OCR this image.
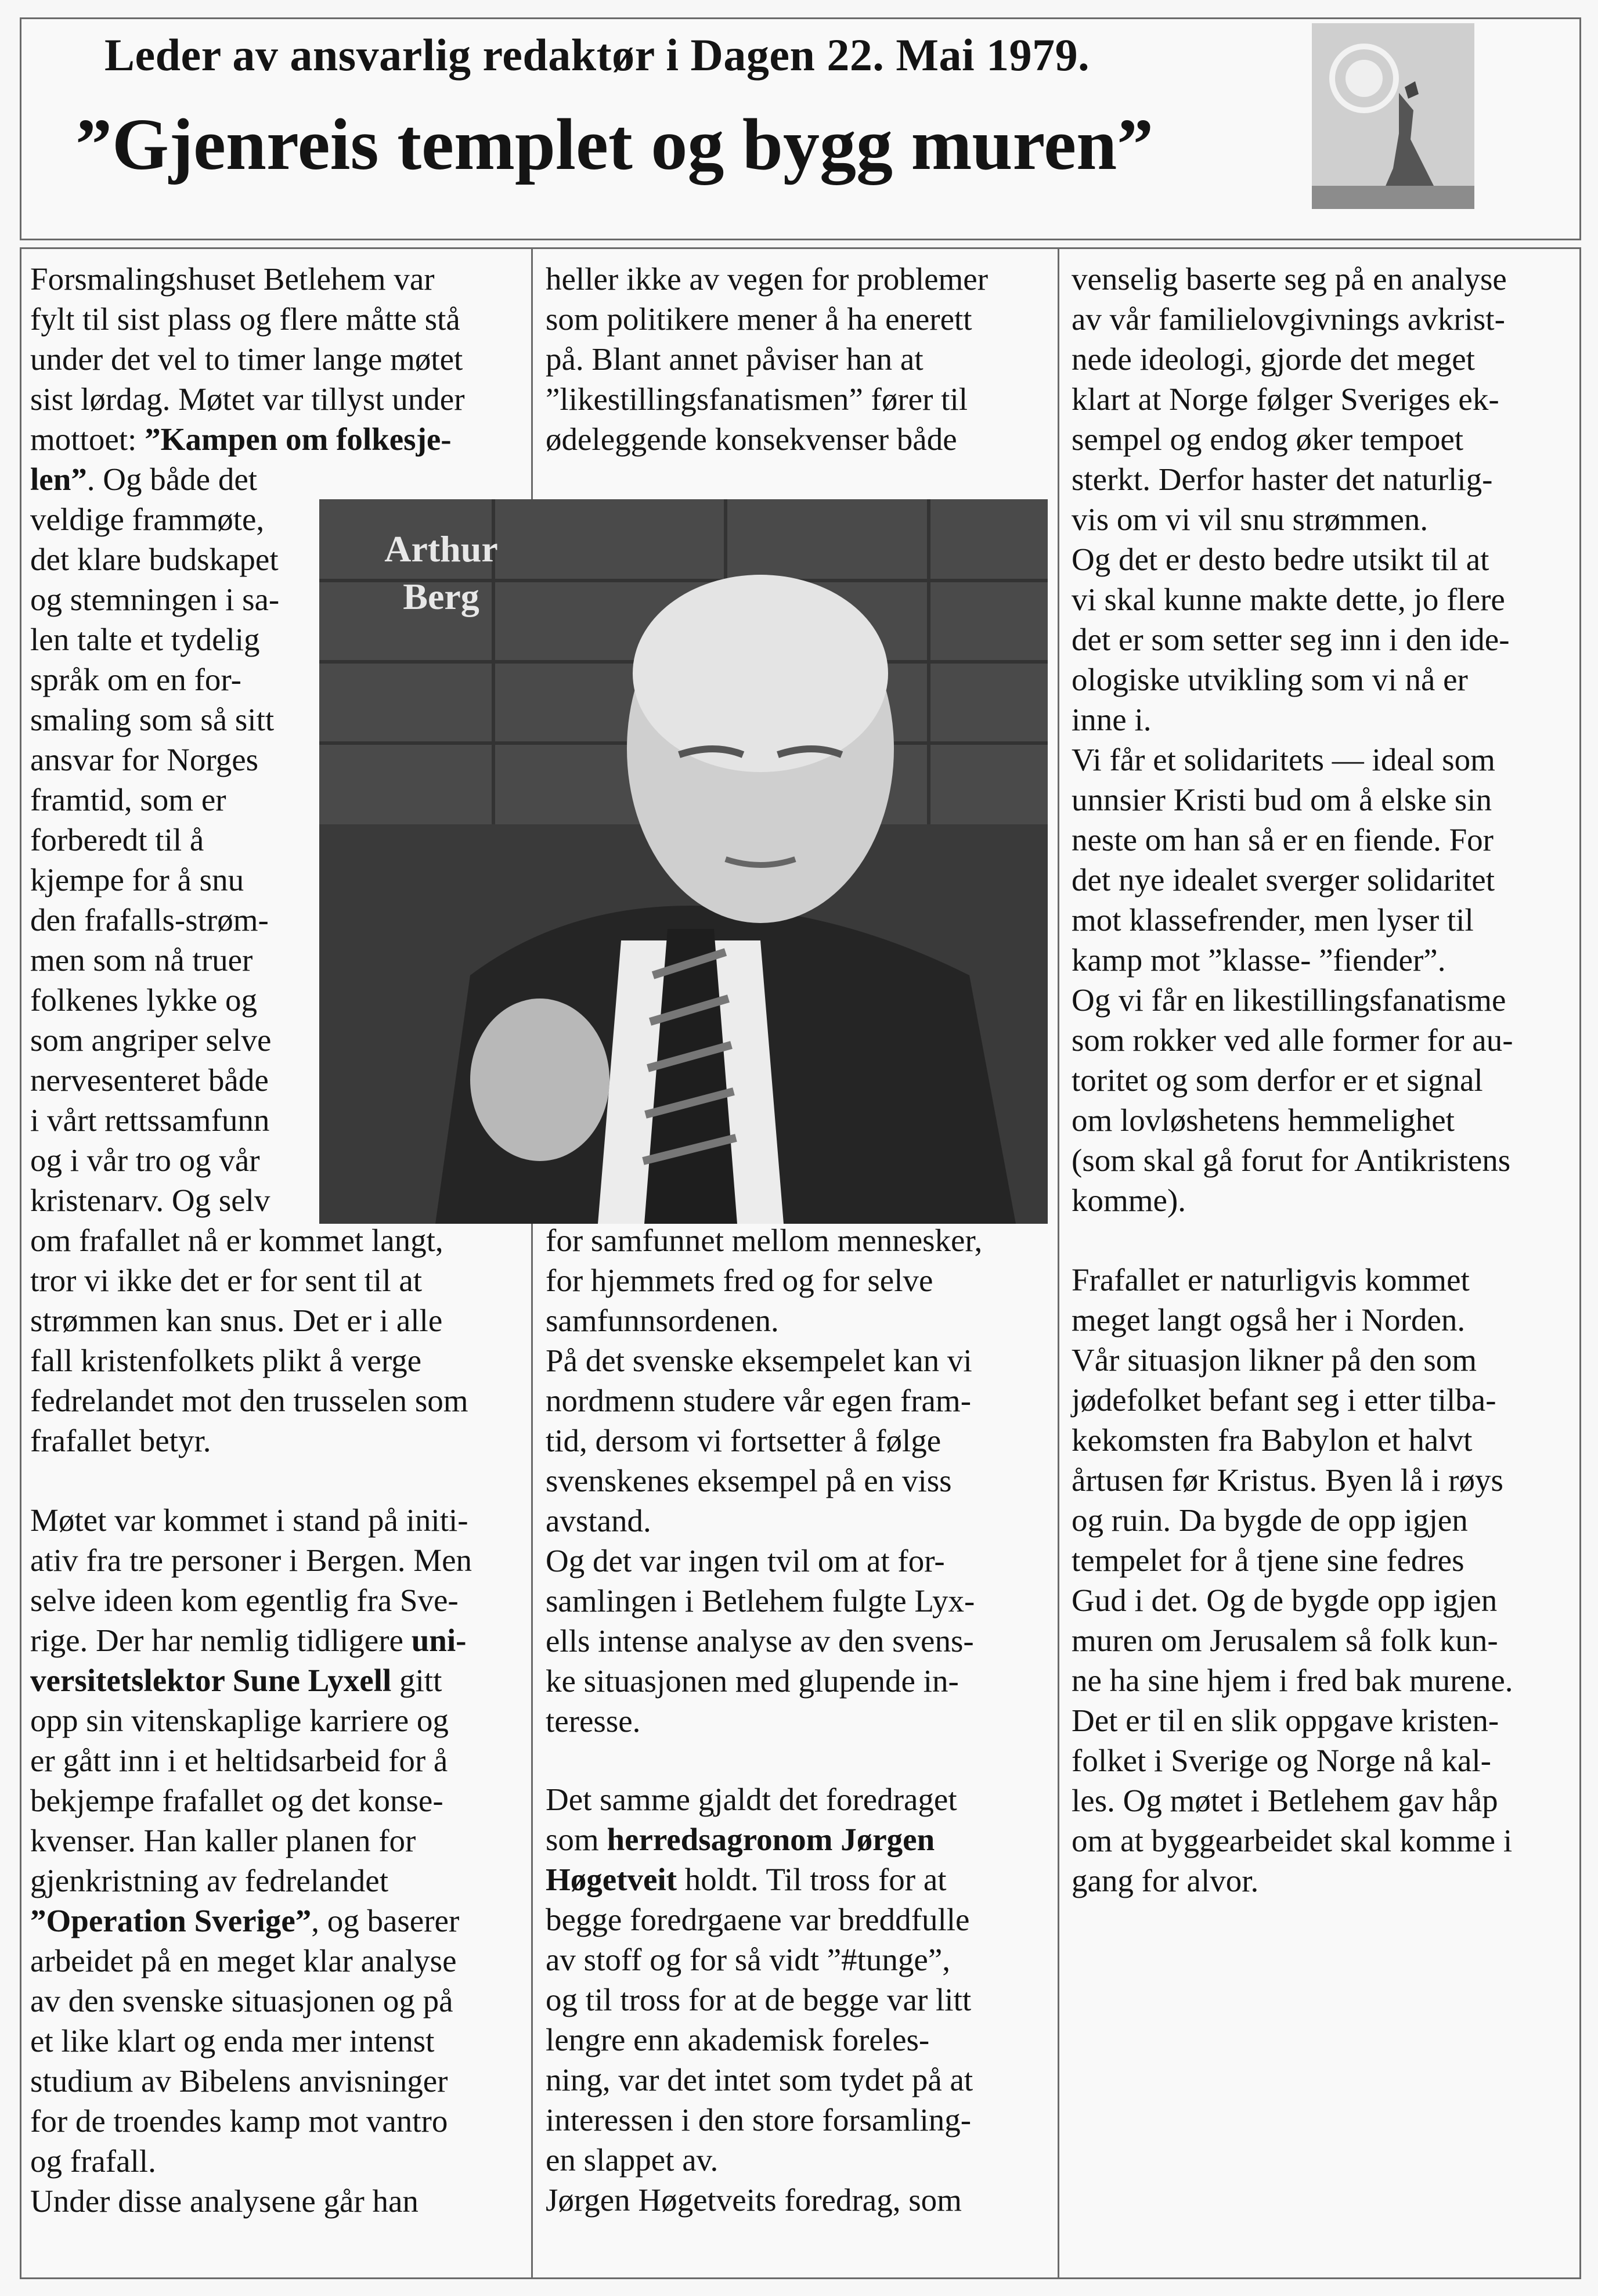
Leder av ansvarlig redaktør i Dagen 22. Mai 1979.
”Gjenreis templet og bygg muren”
Arthur
Berg
Forsmalingshuset Betlehem var
fylt til sist plass og flere måtte stå
under det vel to timer lange møtet
sist lørdag. Møtet var tillyst under
mottoet: ”Kampen om folkesje-
len”. Og både det
veldige frammøte,
det klare budskapet
og stemningen i sa-
len talte et tydelig
språk om en for-
smaling som så sitt
ansvar for Norges
framtid, som er
forberedt til å
kjempe for å snu
den frafalls-strøm-
men som nå truer
folkenes lykke og
som angriper selve
nervesenteret både
i vårt rettssamfunn
og i vår tro og vår
kristenarv. Og selv
om frafallet nå er kommet langt,
tror vi ikke det er for sent til at
strømmen kan snus. Det er i alle
fall kristenfolkets plikt å verge
fedrelandet mot den trusselen som
frafallet betyr.
Møtet var kommet i stand på initi-
ativ fra tre personer i Bergen. Men
selve ideen kom egentlig fra Sve-
rige. Der har nemlig tidligere uni-
versitetslektor Sune Lyxell gitt
opp sin vitenskaplige karriere og
er gått inn i et heltidsarbeid for å
bekjempe frafallet og det konse-
kvenser. Han kaller planen for
gjenkristning av fedrelandet
”Operation Sverige”, og baserer
arbeidet på en meget klar analyse
av den svenske situasjonen og på
et like klart og enda mer intenst
studium av Bibelens anvisninger
for de troendes kamp mot vantro
og frafall.
Under disse analysene går han
heller ikke av vegen for problemer
som politikere mener å ha enerett
på. Blant annet påviser han at
”likestillingsfanatismen” fører til
ødeleggende konsekvenser både
for samfunnet mellom mennesker,
for hjemmets fred og for selve
samfunnsordenen.
På det svenske eksempelet kan vi
nordmenn studere vår egen fram-
tid, dersom vi fortsetter å følge
svenskenes eksempel på en viss
avstand.
Og det var ingen tvil om at for-
samlingen i Betlehem fulgte Lyx-
ells intense analyse av den svens-
ke situasjonen med glupende in-
teresse.
Det samme gjaldt det foredraget
som herredsagronom Jørgen
Høgetveit holdt. Til tross for at
begge foredrgaene var breddfulle
av stoff og for så vidt ”#tunge”,
og til tross for at de begge var litt
lengre enn akademisk foreles-
ning, var det intet som tydet på at
interessen i den store forsamling-
en slappet av.
Jørgen Høgetveits foredrag, som
venselig baserte seg på en analyse
av vår familielovgivnings avkrist-
nede ideologi, gjorde det meget
klart at Norge følger Sveriges ek-
sempel og endog øker tempoet
sterkt. Derfor haster det naturlig-
vis om vi vil snu strømmen.
Og det er desto bedre utsikt til at
vi skal kunne makte dette, jo flere
det er som setter seg inn i den ide-
ologiske utvikling som vi nå er
inne i.
Vi får et solidaritets — ideal som
unnsier Kristi bud om å elske sin
neste om han så er en fiende. For
det nye idealet sverger solidaritet
mot klassefrender, men lyser til
kamp mot ”klasse- ”fiender”.
Og vi får en likestillingsfanatisme
som rokker ved alle former for au-
toritet og som derfor er et signal
om lovløshetens hemmelighet
(som skal gå forut for Antikristens
komme).
Frafallet er naturligvis kommet
meget langt også her i Norden.
Vår situasjon likner på den som
jødefolket befant seg i etter tilba-
kekomsten fra Babylon et halvt
årtusen før Kristus. Byen lå i røys
og ruin. Da bygde de opp igjen
tempelet for å tjene sine fedres
Gud i det. Og de bygde opp igjen
muren om Jerusalem så folk kun-
ne ha sine hjem i fred bak murene.
Det er til en slik oppgave kristen-
folket i Sverige og Norge nå kal-
les. Og møtet i Betlehem gav håp
om at byggearbeidet skal komme i
gang for alvor.
